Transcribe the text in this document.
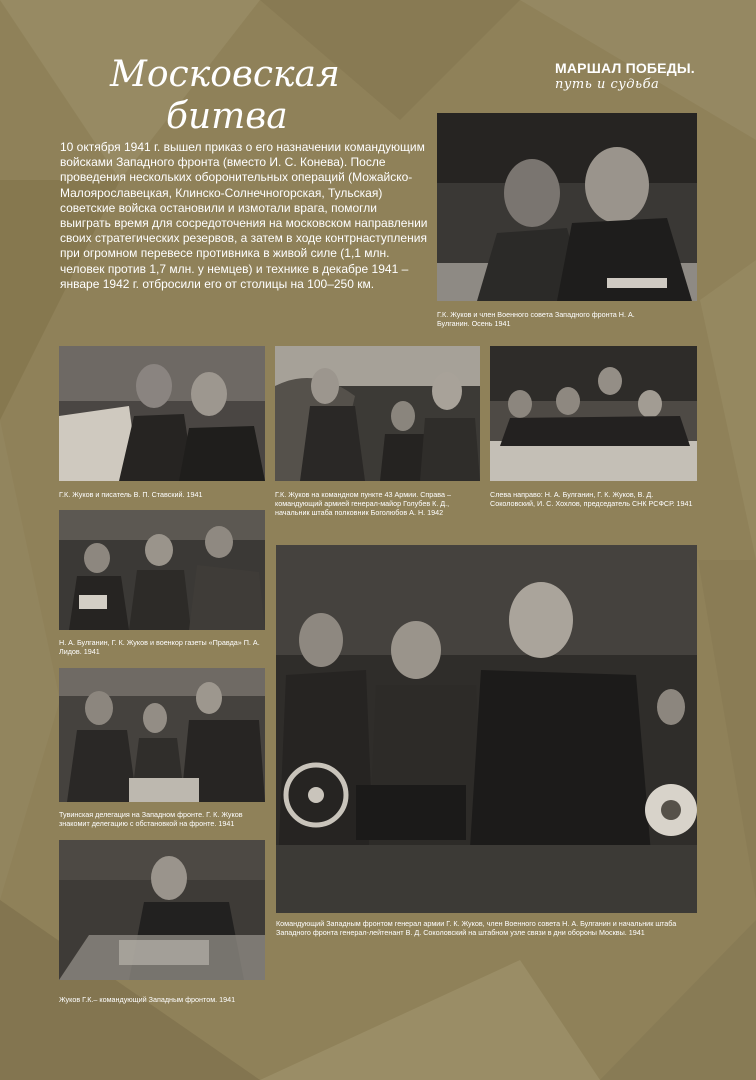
Московская
битва
МАРШАЛ ПОБЕДЫ.
путь и судьба
10 октября 1941 г. вышел приказ о его назначении командующим войсками Западного фронта (вместо И. С. Конева). После проведения нескольких оборонительных операций (Можайско-Малоярославецкая, Клинско-Солнечногорская, Тульская) советские войска остановили и измотали врага, помогли выиграть время для сосредоточения на московском направлении своих стратегических резервов, а затем в ходе контрнаступления при огромном перевесе противника в живой силе (1,1 млн. человек против 1,7 млн. у немцев) и технике в декабре 1941 – январе 1942 г. отбросили его от столицы на 100–250 км.
Г.К. Жуков и член Военного совета Западного фронта Н. А. Булганин. Осень 1941
Г.К. Жуков и писатель В. П. Ставский. 1941	Г.К. Жуков на командном пункте 43 Армии. Справа – командующий армией генерал-майор Голубев К. Д., начальник штаба полковник Боголюбов А. Н. 1942
Слева направо: Н. А. Булганин, Г. К. Жуков, В. Д. Соколовский, И. С. Хохлов, председатель СНК РСФСР. 1941
Н. А. Булганин, Г. К. Жуков и военкор газеты «Правда» П. А. Лидов. 1941
Тувинская делегация на Западном фронте. Г. К. Жуков знакомит делегацию с обстановкой на фронте. 1941
Жуков Г.К.– командующий Западным фронтом. 1941
Командующий Западным фронтом генерал армии Г. К. Жуков, член Военного совета Н. А. Булганин и начальник штаба Западного фронта генерал-лейтенант В. Д. Соколовский на штабном узле связи в дни обороны Москвы. 1941
